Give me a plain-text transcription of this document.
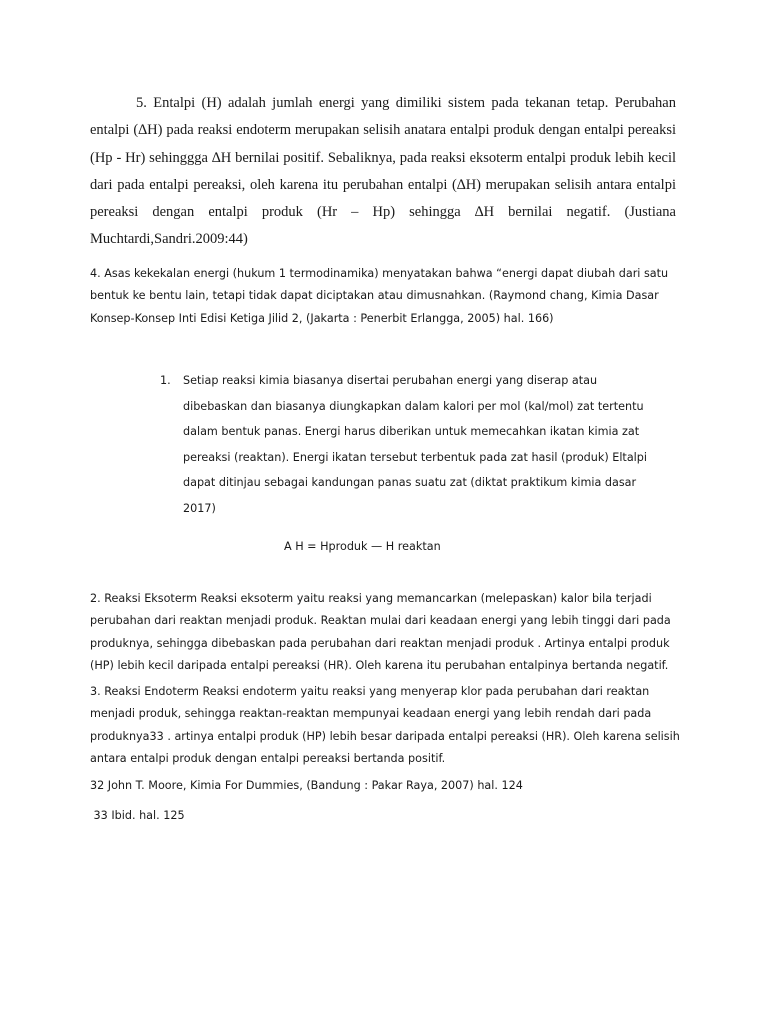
5. Entalpi (H) adalah jumlah energi yang dimiliki sistem pada tekanan tetap. Perubahan entalpi (∆H) pada reaksi endoterm merupakan selisih anatara entalpi produk dengan entalpi pereaksi (Hp - Hr) sehinggga ∆H bernilai positif. Sebaliknya, pada reaksi eksoterm entalpi produk lebih kecil dari pada entalpi pereaksi, oleh karena itu perubahan entalpi (∆H) merupakan selisih antara entalpi pereaksi dengan entalpi produk (Hr – Hp) sehingga ∆H bernilai negatif. (Justiana Muchtardi,Sandri.2009:44)

4. Asas kekekalan energi (hukum 1 termodinamika) menyatakan bahwa “energi dapat diubah dari satu bentuk ke bentu lain, tetapi tidak dapat diciptakan atau dimusnahkan. (Raymond chang, Kimia Dasar Konsep-Konsep Inti Edisi Ketiga Jilid 2, (Jakarta : Penerbit Erlangga, 2005) hal. 166)

1. Setiap reaksi kimia biasanya disertai perubahan energi yang diserap atau dibebaskan dan biasanya diungkapkan dalam kalori per mol (kal/mol) zat tertentu dalam bentuk panas. Energi harus diberikan untuk memecahkan ikatan kimia zat pereaksi (reaktan). Energi ikatan tersebut terbentuk pada zat hasil (produk) Eltalpi dapat ditinjau sebagai kandungan panas suatu zat (diktat praktikum kimia dasar 2017)

A H = Hproduk — H reaktan

2. Reaksi Eksoterm Reaksi eksoterm yaitu reaksi yang memancarkan (melepaskan) kalor bila terjadi perubahan dari reaktan menjadi produk. Reaktan mulai dari keadaan energi yang lebih tinggi dari pada produknya, sehingga dibebaskan pada perubahan dari reaktan menjadi produk . Artinya entalpi produk (HP) lebih kecil daripada entalpi pereaksi (HR). Oleh karena itu perubahan entalpinya bertanda negatif.

3. Reaksi Endoterm Reaksi endoterm yaitu reaksi yang menyerap klor pada perubahan dari reaktan menjadi produk, sehingga reaktan-reaktan mempunyai keadaan energi yang lebih rendah dari pada produknya33 . artinya entalpi produk (HP) lebih besar daripada entalpi pereaksi (HR). Oleh karena selisih antara entalpi produk dengan entalpi pereaksi bertanda positif.

32 John T. Moore, Kimia For Dummies, (Bandung : Pakar Raya, 2007) hal. 124

33 Ibid. hal. 125
